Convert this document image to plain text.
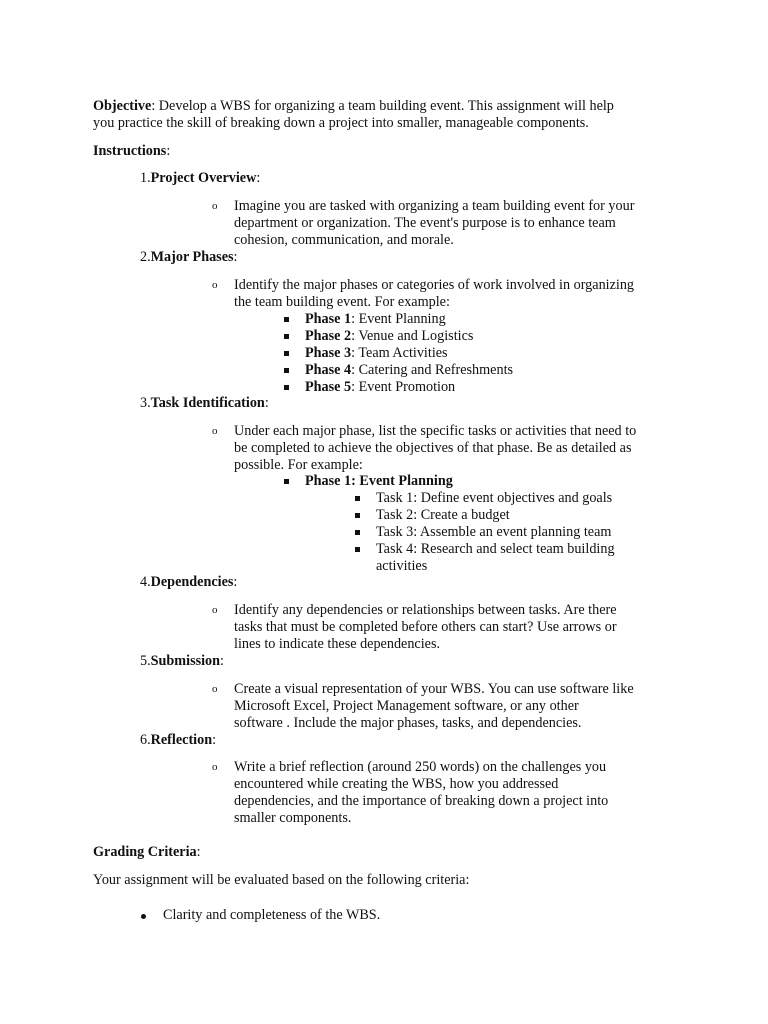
Objective: Develop a WBS for organizing a team building event. This assignment will help
you practice the skill of breaking down a project into smaller, manageable components.
Instructions:
1.Project Overview:
o Imagine you are tasked with organizing a team building event for your
department or organization. The event's purpose is to enhance team
cohesion, communication, and morale.
2.Major Phases:
o Identify the major phases or categories of work involved in organizing
the team building event. For example:
Phase 1: Event Planning
Phase 2: Venue and Logistics
Phase 3: Team Activities
Phase 4: Catering and Refreshments
Phase 5: Event Promotion
3.Task Identification:
o Under each major phase, list the specific tasks or activities that need to
be completed to achieve the objectives of that phase. Be as detailed as
possible. For example:
Phase 1: Event Planning
Task 1: Define event objectives and goals
Task 2: Create a budget
Task 3: Assemble an event planning team
Task 4: Research and select team building
activities
4.Dependencies:
o Identify any dependencies or relationships between tasks. Are there
tasks that must be completed before others can start? Use arrows or
lines to indicate these dependencies.
5.Submission:
o Create a visual representation of your WBS. You can use software like
Microsoft Excel, Project Management software, or any other
software . Include the major phases, tasks, and dependencies.
6.Reflection:
o Write a brief reflection (around 250 words) on the challenges you
encountered while creating the WBS, how you addressed
dependencies, and the importance of breaking down a project into
smaller components.
Grading Criteria:
Your assignment will be evaluated based on the following criteria:
Clarity and completeness of the WBS.
